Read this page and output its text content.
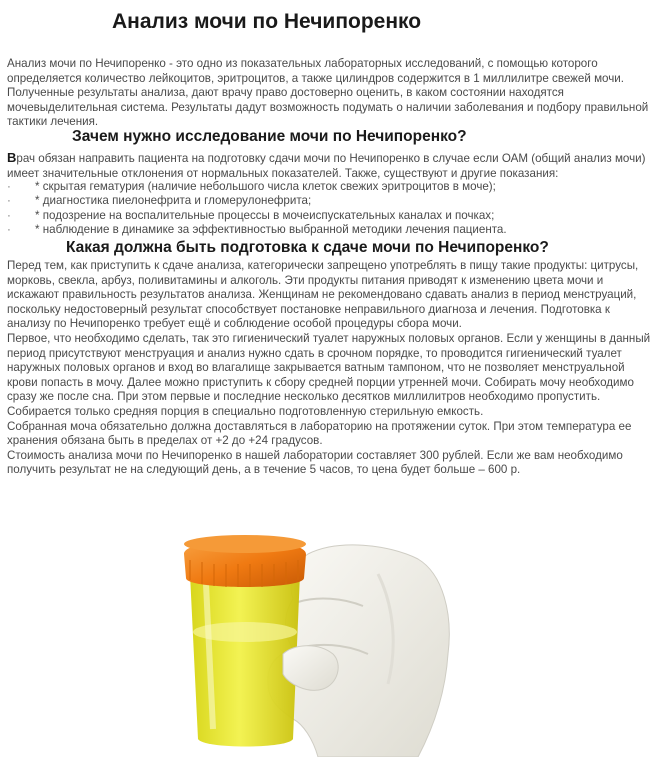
Анализ мочи по Нечипоренко

Анализ мочи по Нечипоренко - это одно из показательных лабораторных исследований, с помощью которого определяется количество лейкоцитов, эритроцитов, а также цилиндров содержится в 1 миллилитре свежей мочи. Полученные результаты анализа, дают врачу право достоверно оценить, в каком состоянии находятся мочевыделительная система. Результаты дадут возможность подумать о наличии заболевания и подбору правильной тактики лечения.

Зачем нужно исследование мочи по Нечипоренко?

Врач обязан направить пациента на подготовку сдачи мочи по Нечипоренко в случае если ОАМ (общий анализ мочи) имеет значительные отклонения от нормальных показателей. Также, существуют и другие показания:

· * скрытая гематурия (наличие небольшого числа клеток свежих эритроцитов в моче);
· * диагностика пиелонефрита и гломерулонефрита;
· * подозрение на воспалительные процессы в мочеиспускательных каналах и почках;
· * наблюдение в динамике за эффективностью выбранной методики лечения пациента.
Какая должна быть подготовка к сдаче мочи по Нечипоренко?
Перед тем, как приступить к сдаче анализа, категорически запрещено употреблять в пищу такие продукты: цитрусы, морковь, свекла, арбуз, поливитамины и алкоголь. Эти продукты питания приводят к изменению цвета мочи и искажают правильность результатов анализа. Женщинам не рекомендовано сдавать анализ в период менструаций, поскольку недостоверный результат способствует постановке неправильного диагноза и лечения. Подготовка к анализу по Нечипоренко требует ещё и соблюдение особой процедуры сбора мочи.
Первое, что необходимо сделать, так это гигиенический туалет наружных половых органов. Если у женщины в данный период присутствуют менструация и анализ нужно сдать в срочном порядке, то проводится гигиенический туалет наружных половых органов и вход во влагалище закрывается ватным тампоном, что не позволяет менструальной крови попасть в мочу. Далее можно приступить к сбору средней порции утренней мочи. Собирать мочу необходимо сразу же после сна. При этом первые и последние несколько десятков миллилитров необходимо пропустить. Собирается только средняя порция в специально подготовленную стерильную емкость.
Собранная моча обязательно должна доставляться в лабораторию на протяжении суток. При этом температура ее хранения обязана быть в пределах от +2 до +24 градусов.
Стоимость анализа мочи по Нечипоренко в нашей лаборатории составляет 300 рублей. Если же вам необходимо получить результат не на следующий день, а в течение 5 часов, то цена будет больше – 600 р.
